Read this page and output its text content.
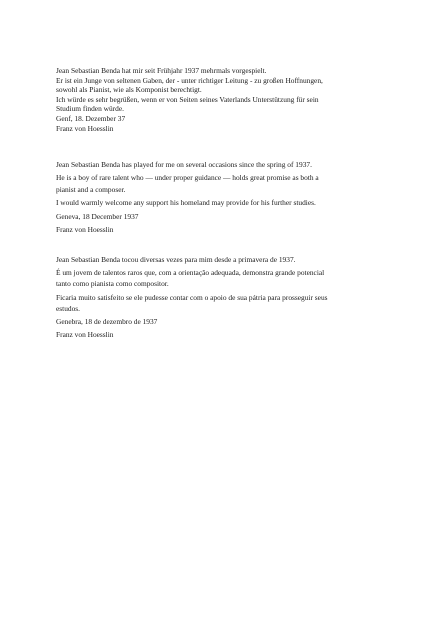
Jean Sebastian Benda hat mir seit Frühjahr 1937 mehrmals vorgespielt.
Er ist ein Junge von seltenen Gaben, der - unter richtiger Leitung - zu großen Hoffnungen,
sowohl als Pianist, wie als Komponist berechtigt.
Ich würde es sehr begrüßen, wenn er von Seiten seines Vaterlands Unterstützung für sein
Studium finden würde.
Genf, 18. Dezember 37
Franz von Hoesslin
Jean Sebastian Benda has played for me on several occasions since the spring of 1937.
He is a boy of rare talent who — under proper guidance — holds great promise as both a
pianist and a composer.
I would warmly welcome any support his homeland may provide for his further studies.
Geneva, 18 December 1937
Franz von Hoesslin
Jean Sebastian Benda tocou diversas vezes para mim desde a primavera de 1937.
É um jovem de talentos raros que, com a orientação adequada, demonstra grande potencial
tanto como pianista como compositor.
Ficaria muito satisfeito se ele pudesse contar com o apoio de sua pátria para prosseguir seus
estudos.
Genebra, 18 de dezembro de 1937
Franz von Hoesslin
